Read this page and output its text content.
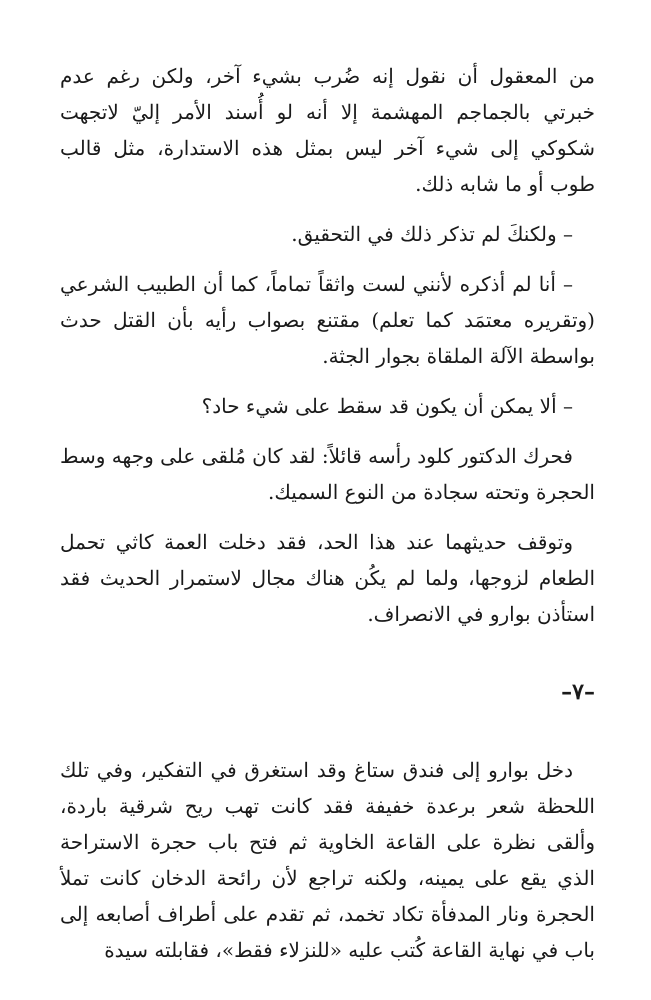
من المعقول أن نقول إنه ضُرب بشيء آخر، ولكن رغم عدم خبرتي بالجماجم المهشمة إلا أنه لو أُسند الأمر إليّ لاتجهت شكوكي إلى شيء آخر ليس بمثل هذه الاستدارة، مثل قالب طوب أو ما شابه ذلك.

– ولكنكَ لم تذكر ذلك في التحقيق.

– أنا لم أذكره لأنني لست واثقاً تماماً، كما أن الطبيب الشرعي (وتقريره معتمَد كما تعلم) مقتنع بصواب رأيه بأن القتل حدث بواسطة الآلة الملقاة بجوار الجثة.

– ألا يمكن أن يكون قد سقط على شيء حاد؟

فحرك الدكتور كلود رأسه قائلاً: لقد كان مُلقى على وجهه وسط الحجرة وتحته سجادة من النوع السميك.

وتوقف حديثهما عند هذا الحد، فقد دخلت العمة كاثي تحمل الطعام لزوجها، ولما لم يكُن هناك مجال لاستمرار الحديث فقد استأذن بوارو في الانصراف.

–٧–

دخل بوارو إلى فندق ستاغ وقد استغرق في التفكير، وفي تلك اللحظة شعر برعدة خفيفة فقد كانت تهب ريح شرقية باردة، وألقى نظرة على القاعة الخاوية ثم فتح باب حجرة الاستراحة الذي يقع على يمينه، ولكنه تراجع لأن رائحة الدخان كانت تملأ الحجرة ونار المدفأة تكاد تخمد، ثم تقدم على أطراف أصابعه إلى باب في نهاية القاعة كُتب عليه «للنزلاء فقط»، فقابلته سيدة
